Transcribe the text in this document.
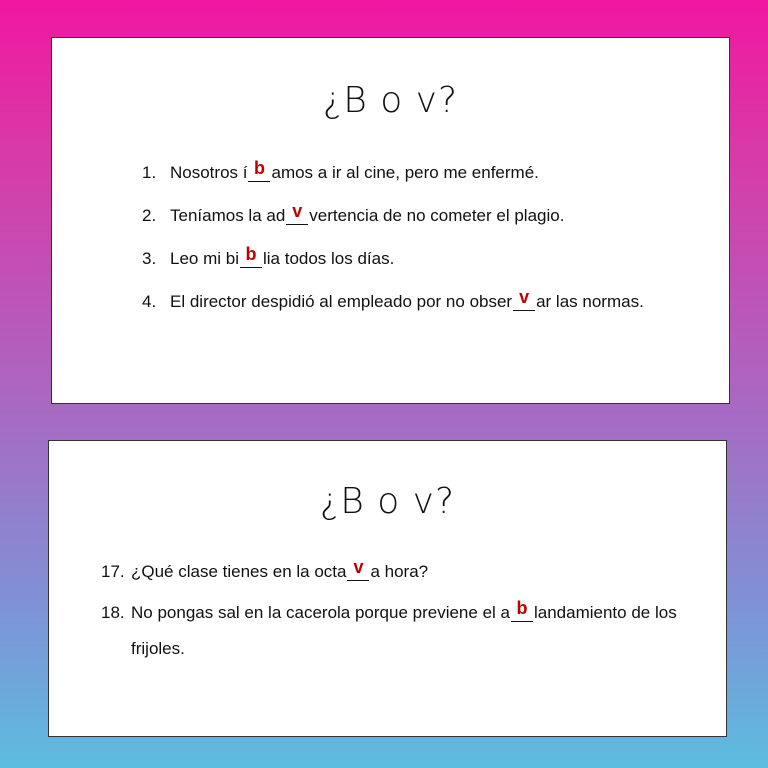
¿B o v?
1. Nosotros í b amos a ir al cine, pero me enfermé.
2. Teníamos la ad v vertencia de no cometer el plagio.
3. Leo mi bi b lia todos los días.
4. El director despidió al empleado por no obser v ar las normas.
¿B o v?
17. ¿Qué clase tienes en la octa v a hora?
18. No pongas sal en la cacerola porque previene el a b landamiento de los frijoles.
